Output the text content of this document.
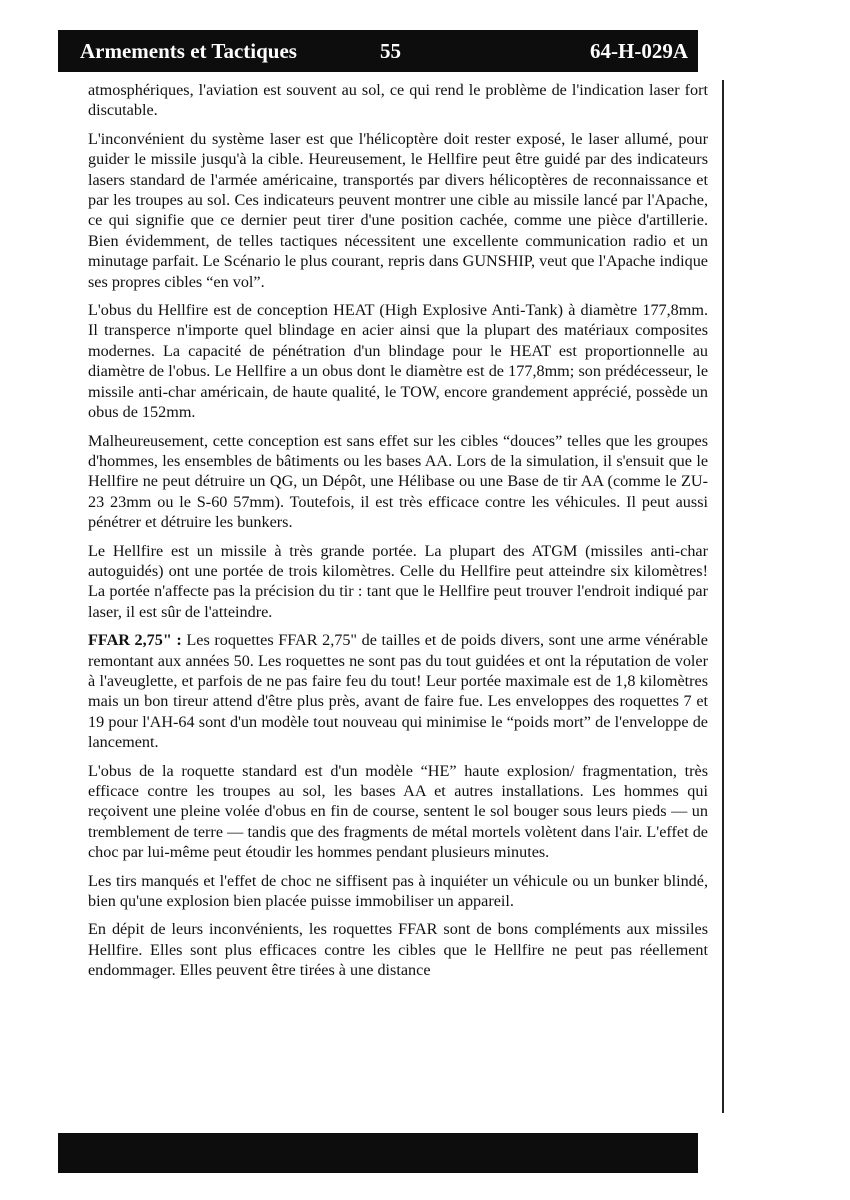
Armements et Tactiques	55	64-H-029A

atmosphériques, l'aviation est souvent au sol, ce qui rend le problème de l'indication laser fort discutable.

L'inconvénient du système laser est que l'hélicoptère doit rester exposé, le laser allumé, pour guider le missile jusqu'à la cible. Heureusement, le Hellfire peut être guidé par des indicateurs lasers standard de l'armée américaine, transportés par divers hélicoptères de reconnaissance et par les troupes au sol. Ces indicateurs peuvent montrer une cible au missile lancé par l'Apache, ce qui signifie que ce dernier peut tirer d'une position cachée, comme une pièce d'artillerie. Bien évidemment, de telles tactiques nécessitent une excellente communication radio et un minutage parfait. Le Scénario le plus courant, repris dans GUNSHIP, veut que l'Apache indique ses propres cibles “en vol”.

L'obus du Hellfire est de conception HEAT (High Explosive Anti-Tank) à diamètre 177,8mm. Il transperce n'importe quel blindage en acier ainsi que la plupart des matériaux composites modernes. La capacité de pénétration d'un blindage pour le HEAT est proportionnelle au diamètre de l'obus. Le Hellfire a un obus dont le diamètre est de 177,8mm; son prédécesseur, le missile anti-char américain, de haute qualité, le TOW, encore grandement apprécié, possède un obus de 152mm.

Malheureusement, cette conception est sans effet sur les cibles “douces” telles que les groupes d'hommes, les ensembles de bâtiments ou les bases AA. Lors de la simulation, il s'ensuit que le Hellfire ne peut détruire un QG, un Dépôt, une Hélibase ou une Base de tir AA (comme le ZU-23 23mm ou le S-60 57mm). Toutefois, il est très efficace contre les véhicules. Il peut aussi pénétrer et détruire les bunkers.

Le Hellfire est un missile à très grande portée. La plupart des ATGM (missiles anti-char autoguidés) ont une portée de trois kilomètres. Celle du Hellfire peut atteindre six kilomètres! La portée n'affecte pas la précision du tir : tant que le Hellfire peut trouver l'endroit indiqué par laser, il est sûr de l'atteindre.

FFAR 2,75" : Les roquettes FFAR 2,75" de tailles et de poids divers, sont une arme vénérable remontant aux années 50. Les roquettes ne sont pas du tout guidées et ont la réputation de voler à l'aveuglette, et parfois de ne pas faire feu du tout! Leur portée maximale est de 1,8 kilomètres mais un bon tireur attend d'être plus près, avant de faire fue. Les enveloppes des roquettes 7 et 19 pour l'AH-64 sont d'un modèle tout nouveau qui minimise le “poids mort” de l'enveloppe de lancement.

L'obus de la roquette standard est d'un modèle “HE” haute explosion/ fragmentation, très efficace contre les troupes au sol, les bases AA et autres installations. Les hommes qui reçoivent une pleine volée d'obus en fin de course, sentent le sol bouger sous leurs pieds — un tremblement de terre — tandis que des fragments de métal mortels volètent dans l'air. L'effet de choc par lui-même peut étoudir les hommes pendant plusieurs minutes.

Les tirs manqués et l'effet de choc ne siffisent pas à inquiéter un véhicule ou un bunker blindé, bien qu'une explosion bien placée puisse immobiliser un appareil.

En dépit de leurs inconvénients, les roquettes FFAR sont de bons compléments aux missiles Hellfire. Elles sont plus efficaces contre les cibles que le Hellfire ne peut pas réellement endommager. Elles peuvent être tirées à une distance
